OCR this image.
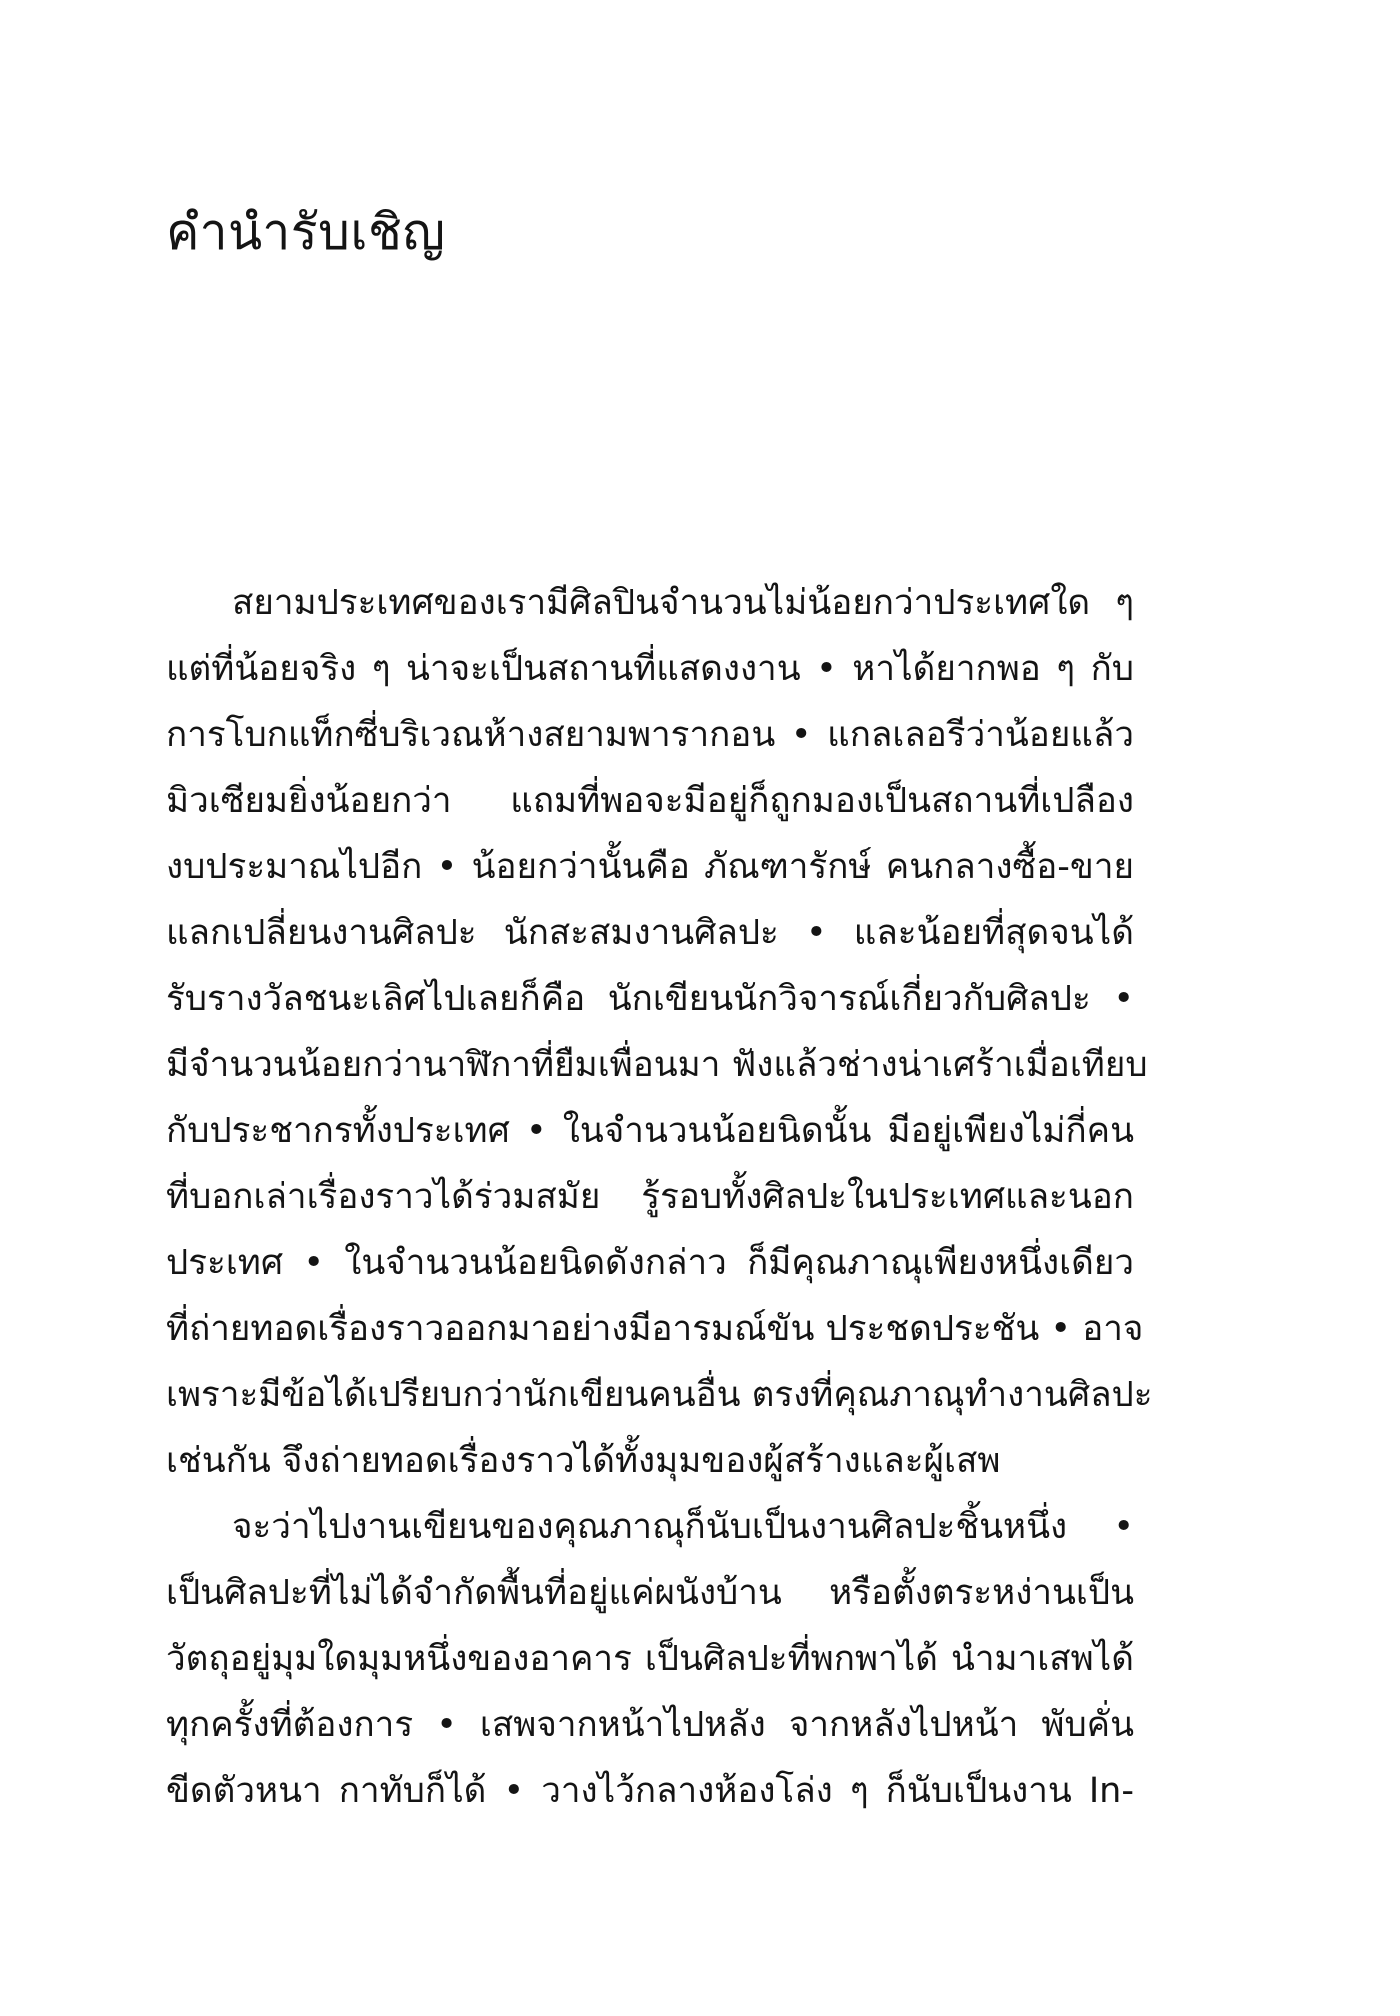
คำนำรับเชิญ
สยามประเทศของเรามีศิลปินจำนวนไม่น้อยกว่าประเทศใด ๆ
แต่ที่น้อยจริง ๆ น่าจะเป็นสถานที่แสดงงาน • หาได้ยากพอ ๆ กับ
การโบกแท็กซี่บริเวณห้างสยามพารากอน • แกลเลอรีว่าน้อยแล้ว
มิวเซียมยิ่งน้อยกว่า แถมที่พอจะมีอยู่ก็ถูกมองเป็นสถานที่เปลือง
งบประมาณไปอีก • น้อยกว่านั้นคือ ภัณฑารักษ์ คนกลางซื้อ-ขาย
แลกเปลี่ยนงานศิลปะ นักสะสมงานศิลปะ • และน้อยที่สุดจนได้
รับรางวัลชนะเลิศไปเลยก็คือ นักเขียนนักวิจารณ์เกี่ยวกับศิลปะ •
มีจำนวนน้อยกว่านาฬิกาที่ยืมเพื่อนมา ฟังแล้วช่างน่าเศร้าเมื่อเทียบ
กับประชากรทั้งประเทศ • ในจำนวนน้อยนิดนั้น มีอยู่เพียงไม่กี่คน
ที่บอกเล่าเรื่องราวได้ร่วมสมัย รู้รอบทั้งศิลปะในประเทศและนอก
ประเทศ • ในจำนวนน้อยนิดดังกล่าว ก็มีคุณภาณุเพียงหนึ่งเดียว
ที่ถ่ายทอดเรื่องราวออกมาอย่างมีอารมณ์ขัน ประชดประชัน • อาจ
เพราะมีข้อได้เปรียบกว่านักเขียนคนอื่น ตรงที่คุณภาณุทำงานศิลปะ
เช่นกัน จึงถ่ายทอดเรื่องราวได้ทั้งมุมของผู้สร้างและผู้เสพ
จะว่าไปงานเขียนของคุณภาณุก็นับเป็นงานศิลปะชิ้นหนึ่ง •
เป็นศิลปะที่ไม่ได้จำกัดพื้นที่อยู่แค่ผนังบ้าน หรือตั้งตระหง่านเป็น
วัตถุอยู่มุมใดมุมหนึ่งของอาคาร เป็นศิลปะที่พกพาได้ นำมาเสพได้
ทุกครั้งที่ต้องการ • เสพจากหน้าไปหลัง จากหลังไปหน้า พับคั่น
ขีดตัวหนา กาทับก็ได้ • วางไว้กลางห้องโล่ง ๆ ก็นับเป็นงาน In-
